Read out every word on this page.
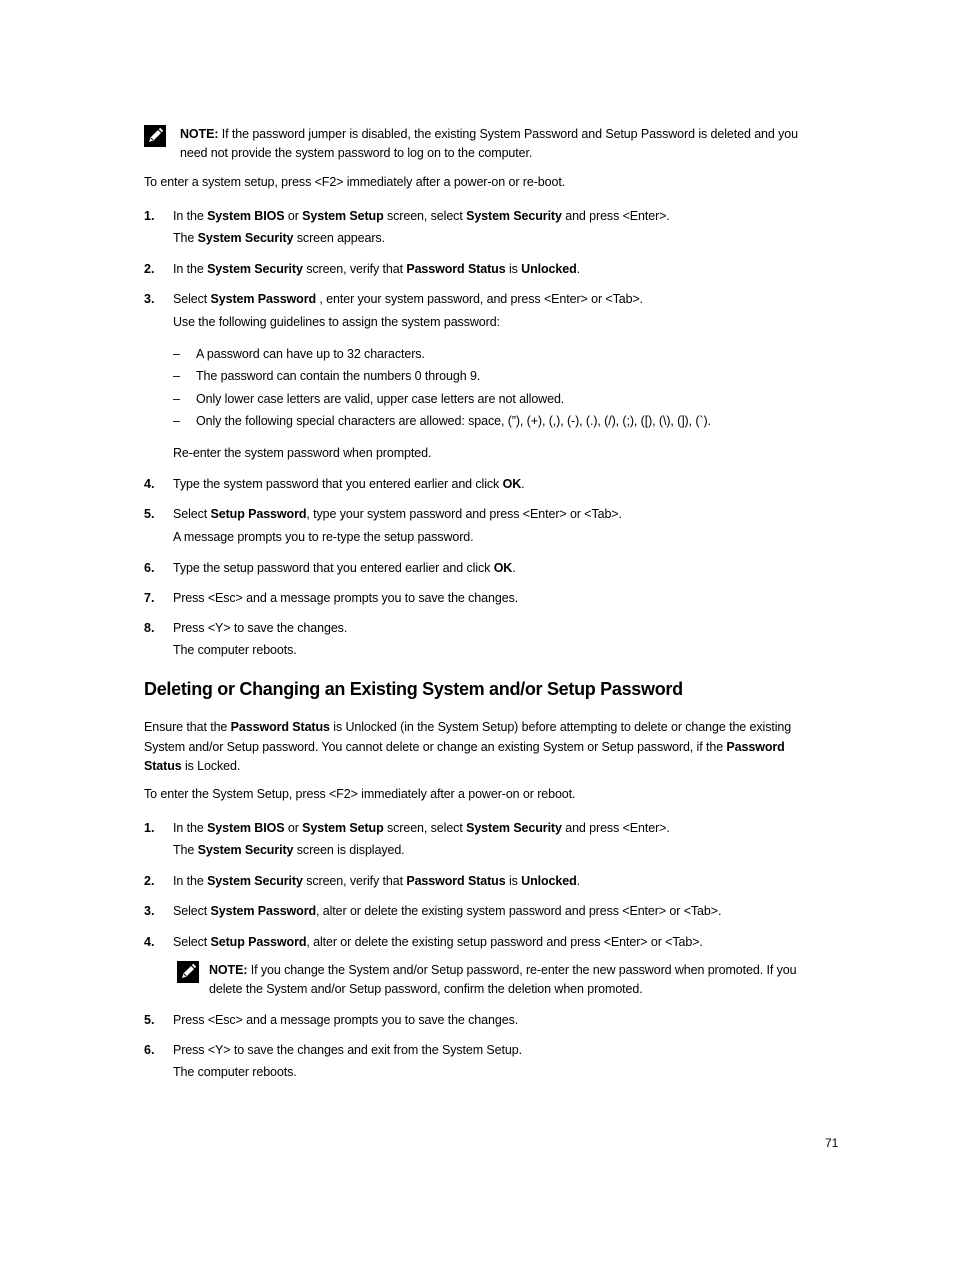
NOTE: If the password jumper is disabled, the existing System Password and Setup Password is deleted and you
need not provide the system password to log on to the computer.
To enter a system setup, press <F2> immediately after a power-on or re-boot.
1. In the System BIOS or System Setup screen, select System Security and press <Enter>.
The System Security screen appears.
2. In the System Security screen, verify that Password Status is Unlocked.
3. Select System Password , enter your system password, and press <Enter> or <Tab>.
Use the following guidelines to assign the system password:
– A password can have up to 32 characters.
– The password can contain the numbers 0 through 9.
– Only lower case letters are valid, upper case letters are not allowed.
– Only the following special characters are allowed: space, (”), (+), (,), (-), (.), (/), (;), ([), (\), (]), (`).
Re-enter the system password when prompted.
4. Type the system password that you entered earlier and click OK.
5. Select Setup Password, type your system password and press <Enter> or <Tab>.
A message prompts you to re-type the setup password.
6. Type the setup password that you entered earlier and click OK.
7. Press <Esc> and a message prompts you to save the changes.
8. Press <Y> to save the changes.
The computer reboots.
Deleting or Changing an Existing System and/or Setup Password
Ensure that the Password Status is Unlocked (in the System Setup) before attempting to delete or change the existing
System and/or Setup password. You cannot delete or change an existing System or Setup password, if the Password
Status is Locked.
To enter the System Setup, press <F2> immediately after a power-on or reboot.
1. In the System BIOS or System Setup screen, select System Security and press <Enter>.
The System Security screen is displayed.
2. In the System Security screen, verify that Password Status is Unlocked.
3. Select System Password, alter or delete the existing system password and press <Enter> or <Tab>.
4. Select Setup Password, alter or delete the existing setup password and press <Enter> or <Tab>.
NOTE: If you change the System and/or Setup password, re-enter the new password when promoted. If you
delete the System and/or Setup password, confirm the deletion when promoted.
5. Press <Esc> and a message prompts you to save the changes.
6. Press <Y> to save the changes and exit from the System Setup.
The computer reboots.
71
